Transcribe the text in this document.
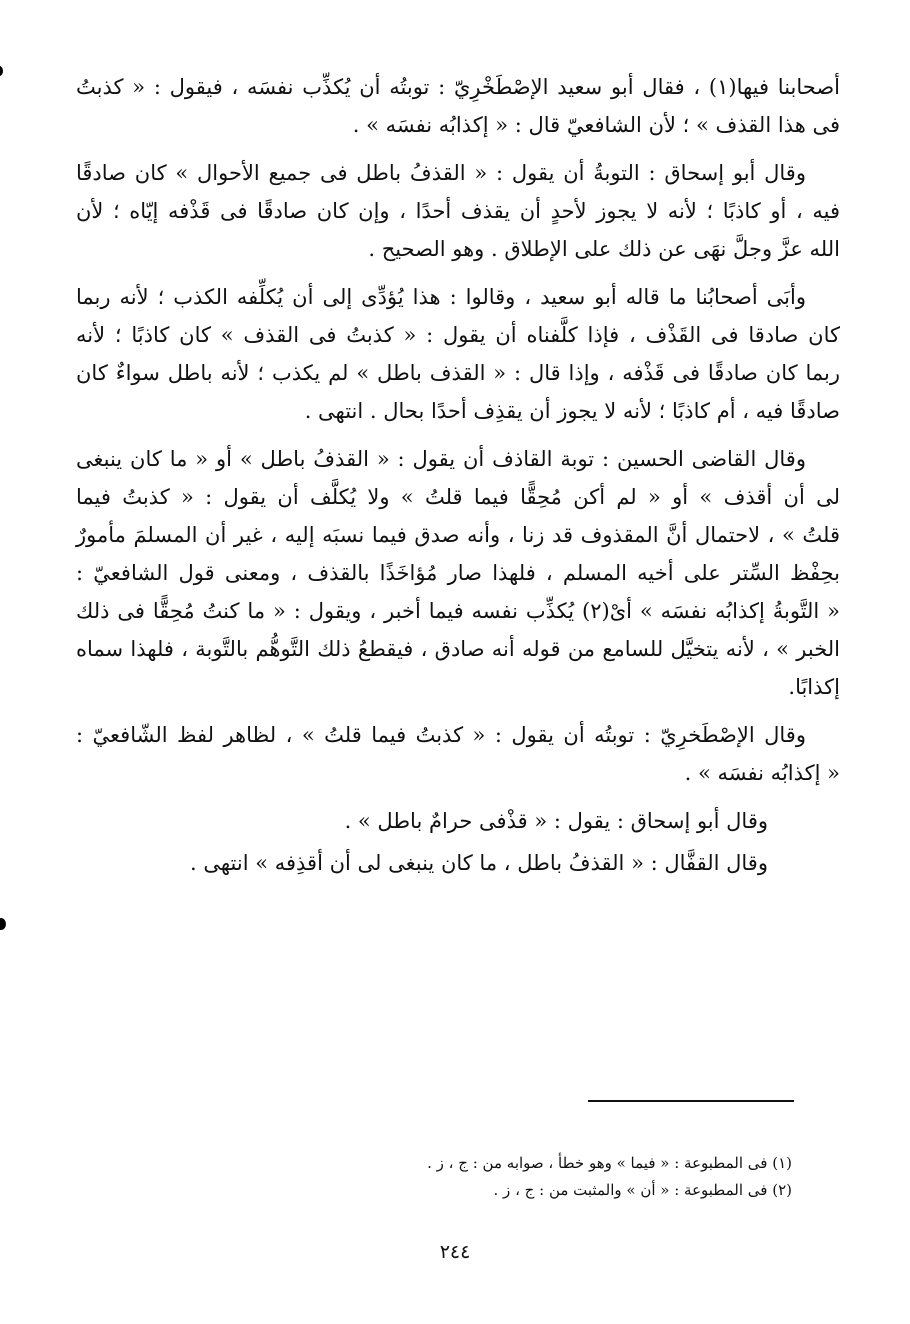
أصحابنا فيها(١) ، فقال أبو سعيد الإصْطَخْرِيّ : توبتُه أن يُكذِّب نفسَه ، فيقول : « كذبتُ
فى هذا القذف » ؛ لأن الشافعيّ قال : « إكذابُه نفسَه » .
وقال أبو إسحاق : التوبةُ أن يقول : « القذفُ باطل فى جميع الأحوال » كان صادقًا
فيه ، أو كاذبًا ؛ لأنه لا يجوز لأحدٍ أن يقذف أحدًا ، وإن كان صادقًا فى قَذْفه إيّاه ؛ لأن
الله عزَّ وجلَّ نهَى عن ذلك على الإطلاق . وهو الصحيح .
وأبَى أصحابُنا ما قاله أبو سعيد ، وقالوا : هذا يُؤدِّى إلى أن يُكلِّفه الكذب ؛ لأنه ربما
كان صادقا فى القَذْف ، فإذا كلَّفناه أن يقول : « كذبتُ فى القذف » كان كاذبًا ؛ لأنه
ربما كان صادقًا فى قَذْفه ، وإذا قال : « القذف باطل » لم يكذب ؛ لأنه باطل سواءٌ كان
صادقًا فيه ، أم كاذبًا ؛ لأنه لا يجوز أن يقذِف أحدًا بحال . انتهى .
وقال القاضى الحسين : توبة القاذف أن يقول : « القذفُ باطل » أو « ما كان ينبغى
لى أن أقذف » أو « لم أكن مُحِقًّا فيما قلتُ » ولا يُكلَّف أن يقول : « كذبتُ فيما
قلتُ » ، لاحتمال أنَّ المقذوف قد زنا ، وأنه صدق فيما نسبَه إليه ، غير أن المسلمَ مأمورٌ
بحِفْظ السِّتر على أخيه المسلم ، فلهذا صار مُؤاخَذًا بالقذف ، ومعنى قول الشافعيّ :
« التَّوبةُ إكذابُه نفسَه » أىْ(٢) يُكذِّب نفسه فيما أخبر ، ويقول : « ما كنتُ مُحِقًّا فى ذلك
الخبر » ، لأنه يتخيَّل للسامع من قوله أنه صادق ، فيقطعُ ذلك التَّوهُّم بالتَّوبة ، فلهذا سماه
إكذابًا.
وقال الإصْطَخرِيّ : توبتُه أن يقول : « كذبتُ فيما قلتُ » ، لظاهر لفظ الشّافعيّ :
« إكذابُه نفسَه » .
وقال أبو إسحاق : يقول : « قذْفى حرامٌ باطل » .
وقال القفَّال : « القذفُ باطل ، ما كان ينبغى لى أن أقذِفه » انتهى .
(١) فى المطبوعة : « فيما » وهو خطأ ، صوابه من : ج ، ز .
(٢) فى المطبوعة : « أن » والمثبت من : ج ، ز .
٢٤٤
